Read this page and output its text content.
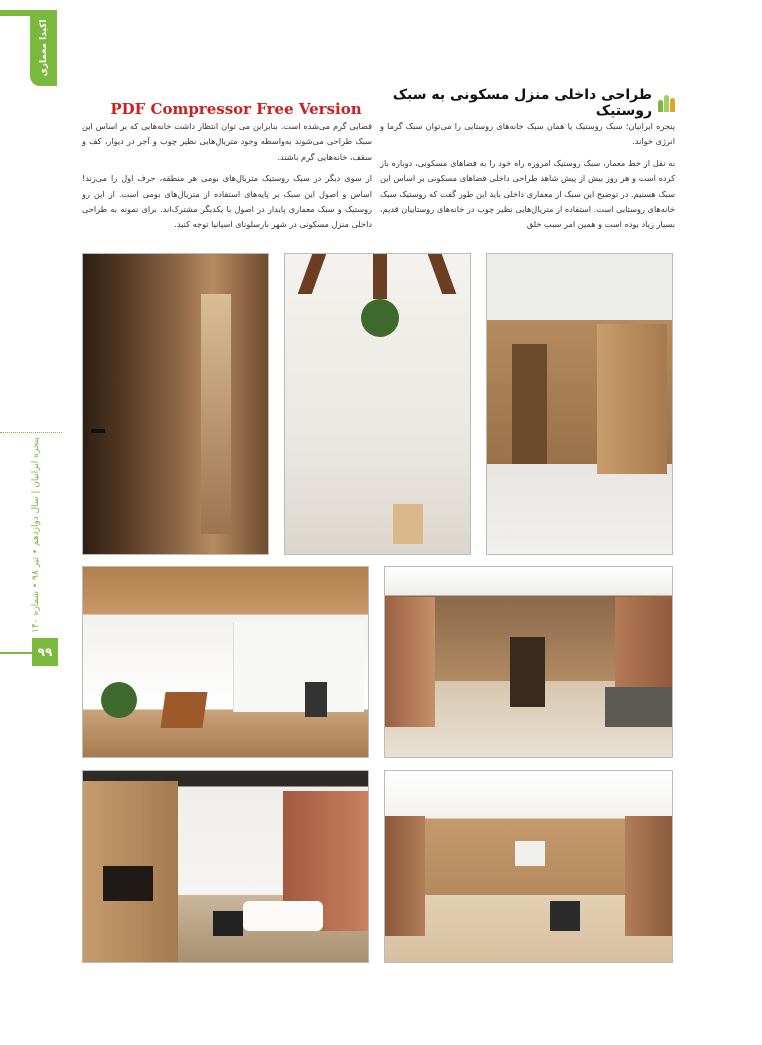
اکیدا معماری
پنجره ایرانیان | سال دوازدهم • تیر ۹۸ • شماره ۱۴۰
۹۹
PDF Compressor Free Version
طراحی داخلی منزل مسکونی به سبک روستیک

پنجره ایرانیان؛ سبک روستیک یا همان سبک خانه‌های روستایی را می‌توان سبک گرما و انرژی خواند.

به نقل از خط معمار، سبک روستیک امروزه راه خود را به فضاهای مسکونی، دوباره باز کرده است و هر روز بیش از پیش شاهد طراحی داخلی فضاهای مسکونی بر اساس این سبک هستیم. در توضیح این سبک از معماری داخلی باید این طور گفت که روستیک سبک خانه‌های روستایی است. استفاده از متریال‌هایی نظیر چوب در خانه‌های روستاییان قدیم، بسیار زیاد بوده است و همین امر سبب خلق

فضایی گرم می‌شده است. بنابراین می توان انتظار داشت خانه‌هایی که بر اساس این سبک طراحی می‌شوند به‌واسطه وجود متریال‌هایی نظیر چوب و آجر در دیوار، کف و سقف، خانه‌هایی گرم باشند.

از سوی دیگر در سبک روستیک متریال‌های بومی هر منطقه، حرف اول را می‌زند! اساس و اصول این سبک بر پایه‌های استفاده از متریال‌های بومی است. از این رو روستیک و سبک معماری پایدار در اصول با یکدیگر مشترک‌اند. برای نمونه به طراحی داخلی منزل مسکونی در شهر بارسلونای اسپانیا توجه کنید.
